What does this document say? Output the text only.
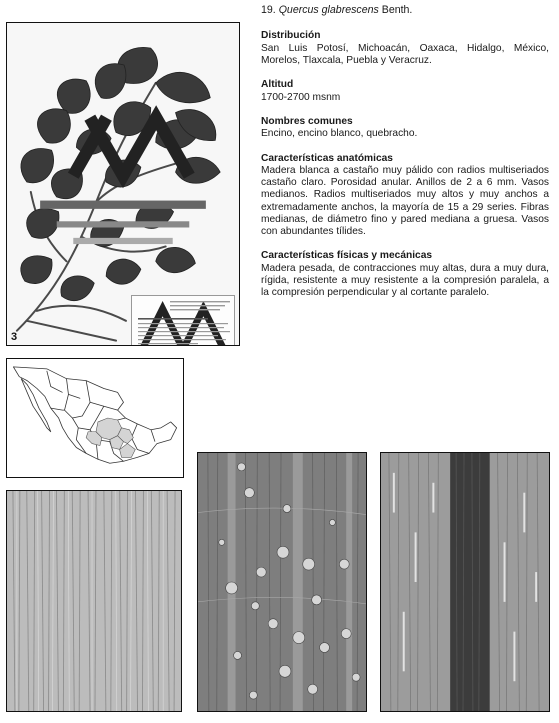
19. Quercus glabrescens Benth.
Distribución

San Luis Potosí, Michoacán, Oaxaca, Hidalgo, México, Morelos, Tlaxcala, Puebla y Veracruz.

Altitud

1700-2700 msnm

Nombres comunes

Encino, encino blanco, quebracho.

Características anatómicas

Madera blanca a castaño muy pálido con radios multiseriados castaño claro. Porosidad anular. Anillos de 2 a 6 mm. Vasos medianos. Radios multiseriados muy altos y muy anchos a extremadamente anchos, la mayoría de 15 a 29 series. Fibras medianas, de diámetro fino y pared mediana a gruesa. Vasos con abundantes tílides.

Características físicas y mecánicas

Madera pesada, de contracciones muy altas, dura a muy dura, rígida, resistente a muy resistente a la compresión paralela, a la compresión perpendicular y al cortante paralelo.

3
